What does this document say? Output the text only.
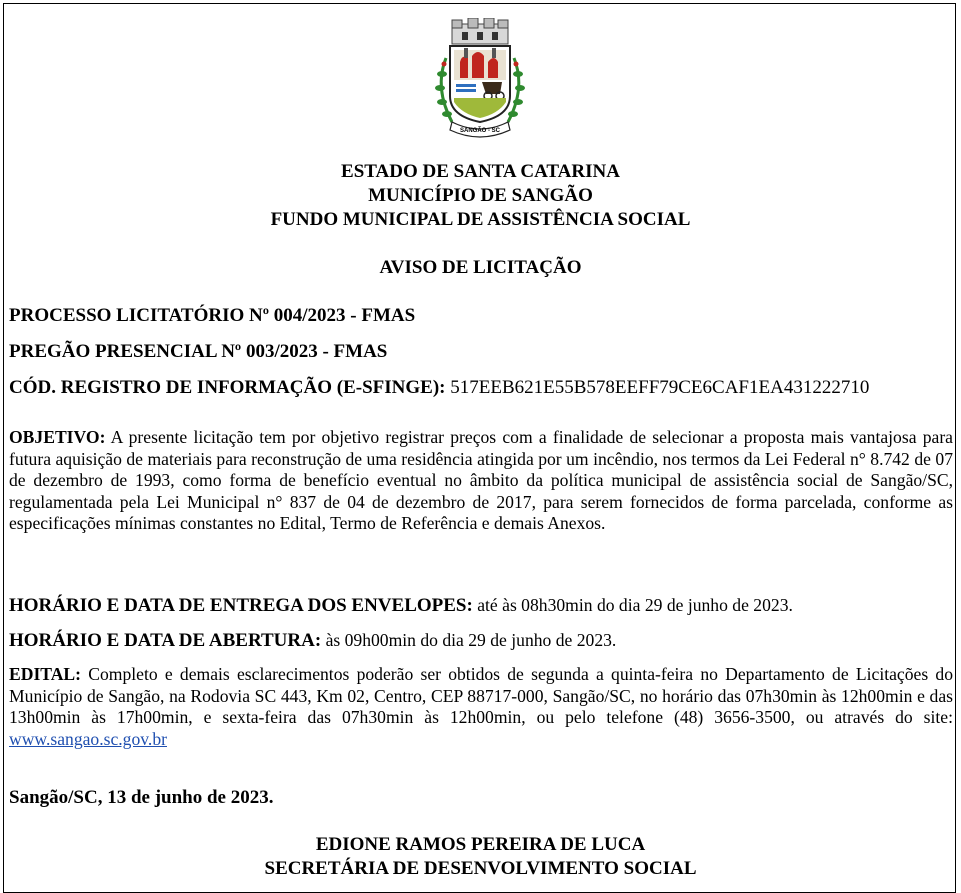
SANGÃO - SC
ESTADO DE SANTA CATARINA
MUNICÍPIO DE SANGÃO
FUNDO MUNICIPAL DE ASSISTÊNCIA SOCIAL
AVISO DE LICITAÇÃO
PROCESSO LICITATÓRIO Nº 004/2023 - FMAS
PREGÃO PRESENCIAL Nº 003/2023 - FMAS
CÓD. REGISTRO DE INFORMAÇÃO (E-SFINGE): 517EEB621E55B578EEFF79CE6CAF1EA431222710
OBJETIVO: A presente licitação tem por objetivo registrar preços com a finalidade de selecionar a proposta mais vantajosa para futura aquisição de materiais para reconstrução de uma residência atingida por um incêndio, nos termos da Lei Federal n° 8.742 de 07 de dezembro de 1993, como forma de benefício eventual no âmbito da política municipal de assistência social de Sangão/SC, regulamentada pela Lei Municipal n° 837 de 04 de dezembro de 2017, para serem fornecidos de forma parcelada, conforme as especificações mínimas constantes no Edital, Termo de Referência e demais Anexos.
HORÁRIO E DATA DE ENTREGA DOS ENVELOPES: até às 08h30min do dia 29 de junho de 2023.
HORÁRIO E DATA DE ABERTURA: às 09h00min do dia 29 de junho de 2023.
EDITAL: Completo e demais esclarecimentos poderão ser obtidos de segunda a quinta-feira no Departamento de Licitações do Município de Sangão, na Rodovia SC 443, Km 02, Centro, CEP 88717-000, Sangão/SC, no horário das 07h30min às 12h00min e das 13h00min às 17h00min, e sexta-feira das 07h30min às 12h00min, ou pelo telefone (48) 3656-3500, ou através do site: www.sangao.sc.gov.br
Sangão/SC, 13 de junho de 2023.
EDIONE RAMOS PEREIRA DE LUCA
SECRETÁRIA DE DESENVOLVIMENTO SOCIAL
